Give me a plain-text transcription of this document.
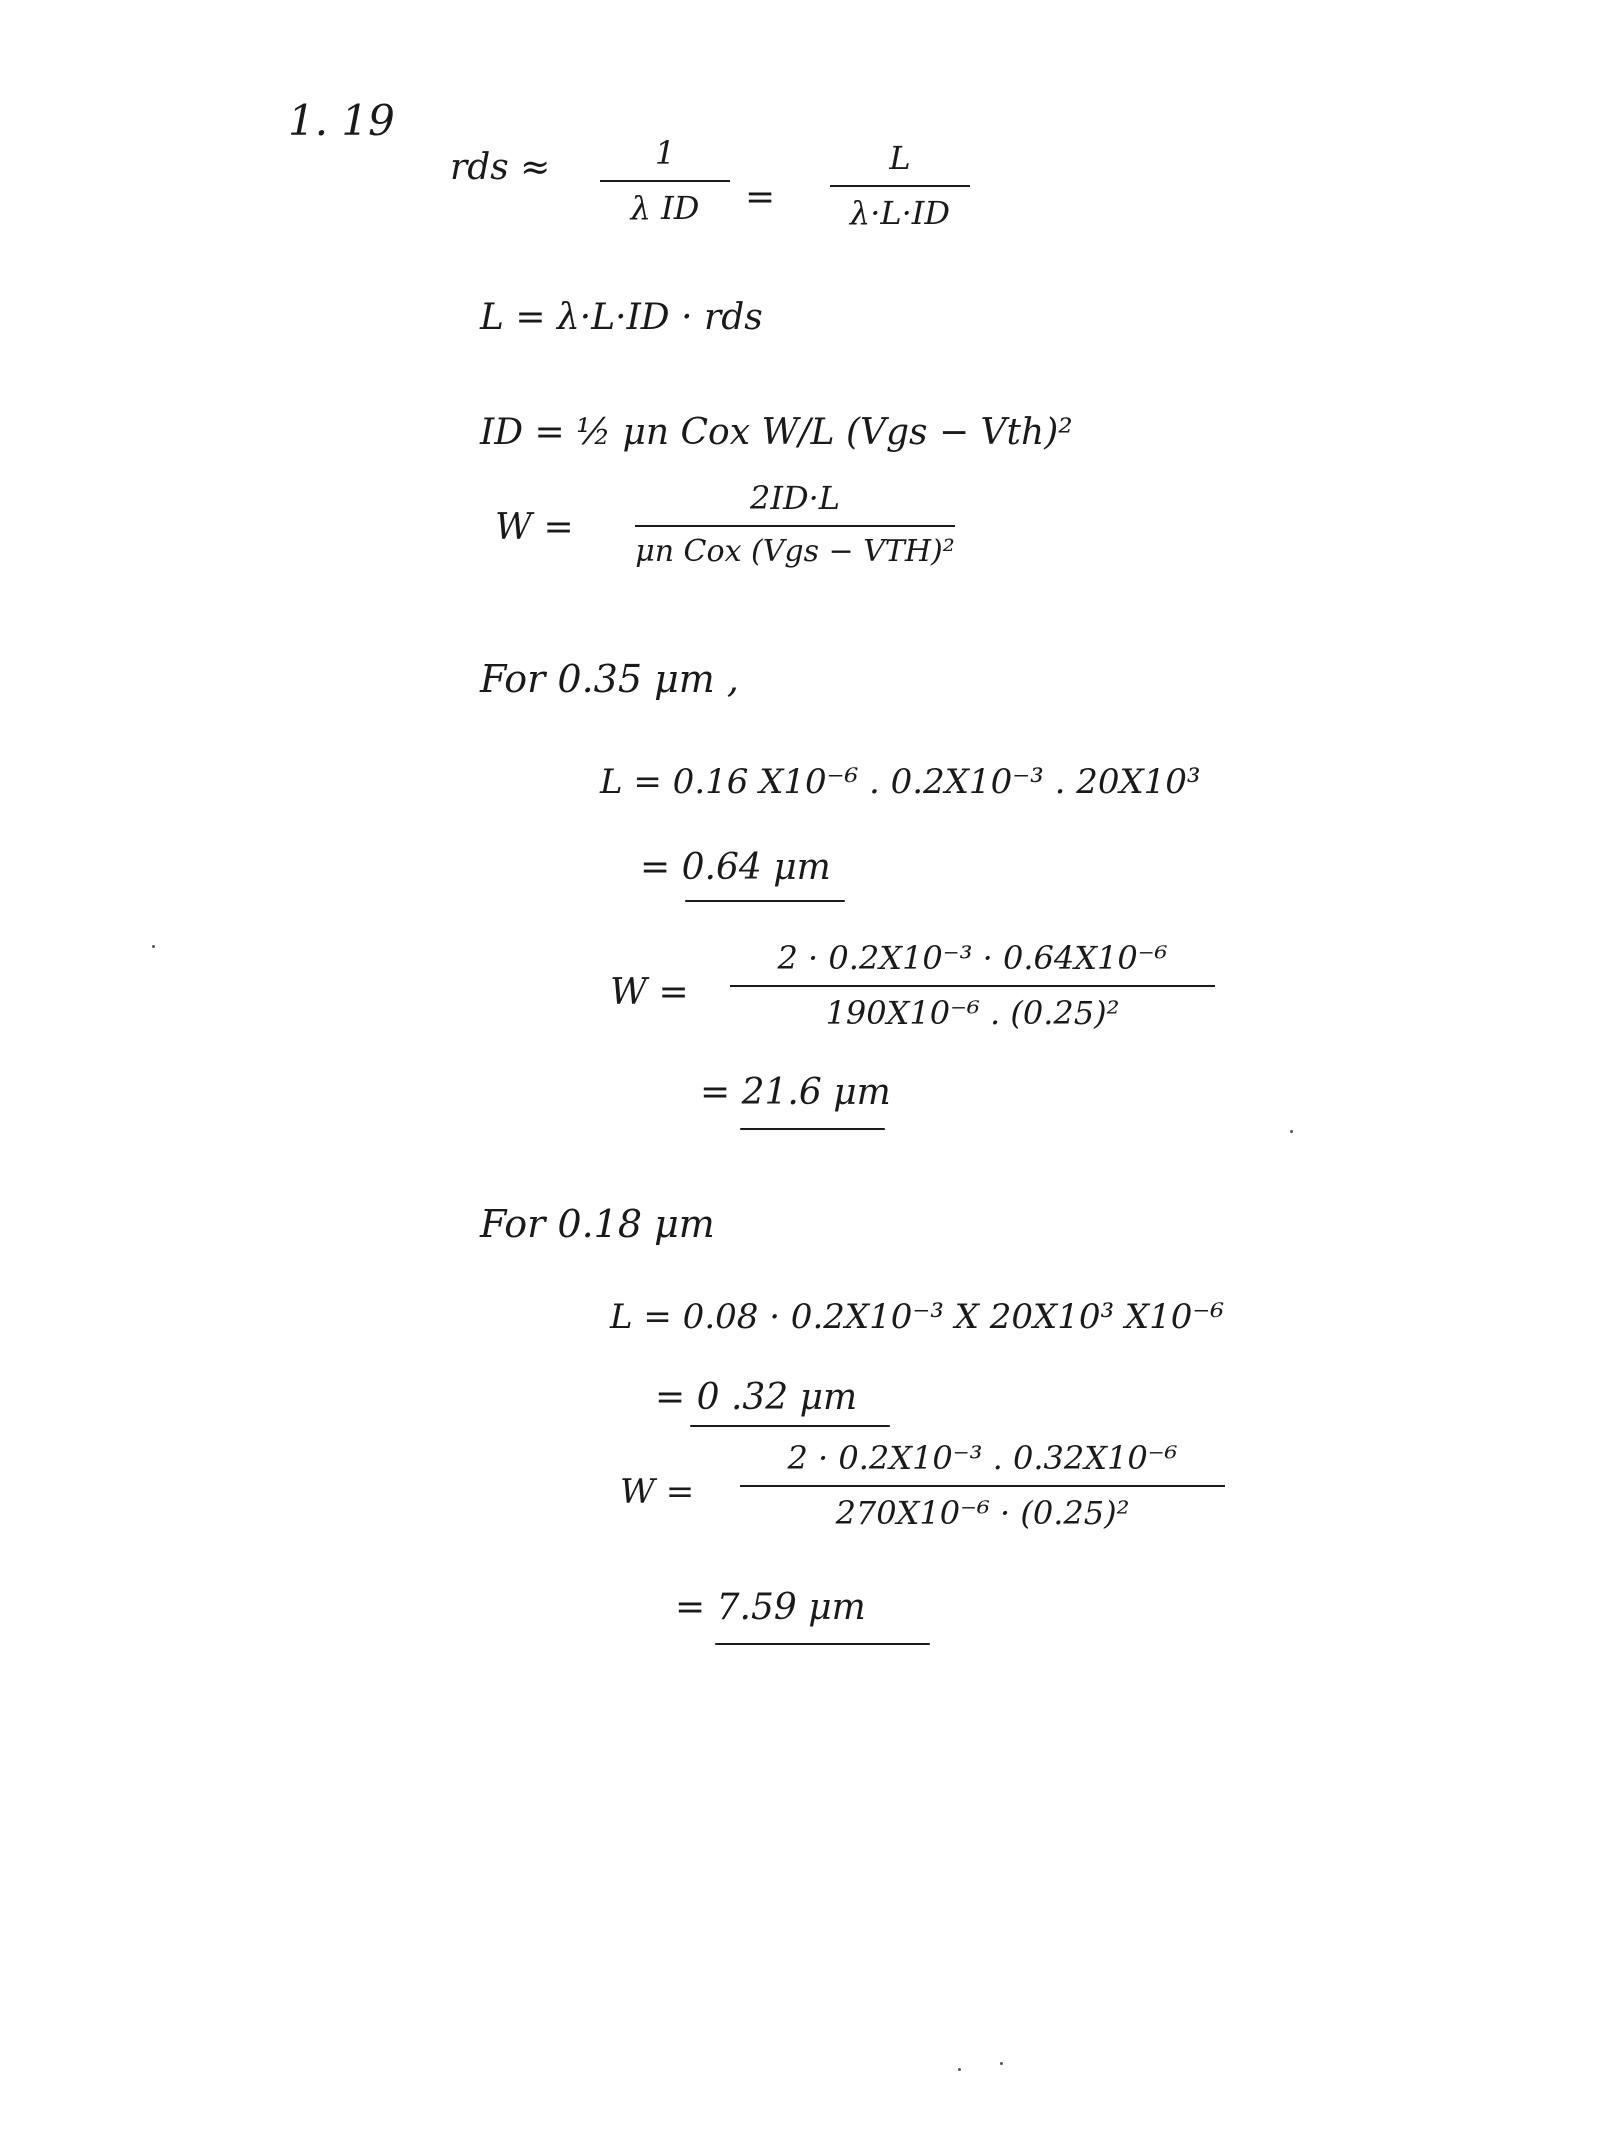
1. 19
rds ≈	1
λ ID =
L
λ·L·ID
L = λ·L·ID · rds
ID = ½ μn Cox W/L (Vgs − Vth)²
W =
2ID·L
μn Cox (Vgs − VTH)²
For 0.35 μm ,
L = 0.16 X10⁻⁶ . 0.2X10⁻³ . 20X10³
= 0.64 μm
W =
2 · 0.2X10⁻³ · 0.64X10⁻⁶
190X10⁻⁶ . (0.25)²
= 21.6 μm
For 0.18 μm
L = 0.08 · 0.2X10⁻³ X 20X10³ X10⁻⁶
= 0 .32 μm
W =
2 · 0.2X10⁻³ . 0.32X10⁻⁶
270X10⁻⁶ · (0.25)²
= 7.59 μm
